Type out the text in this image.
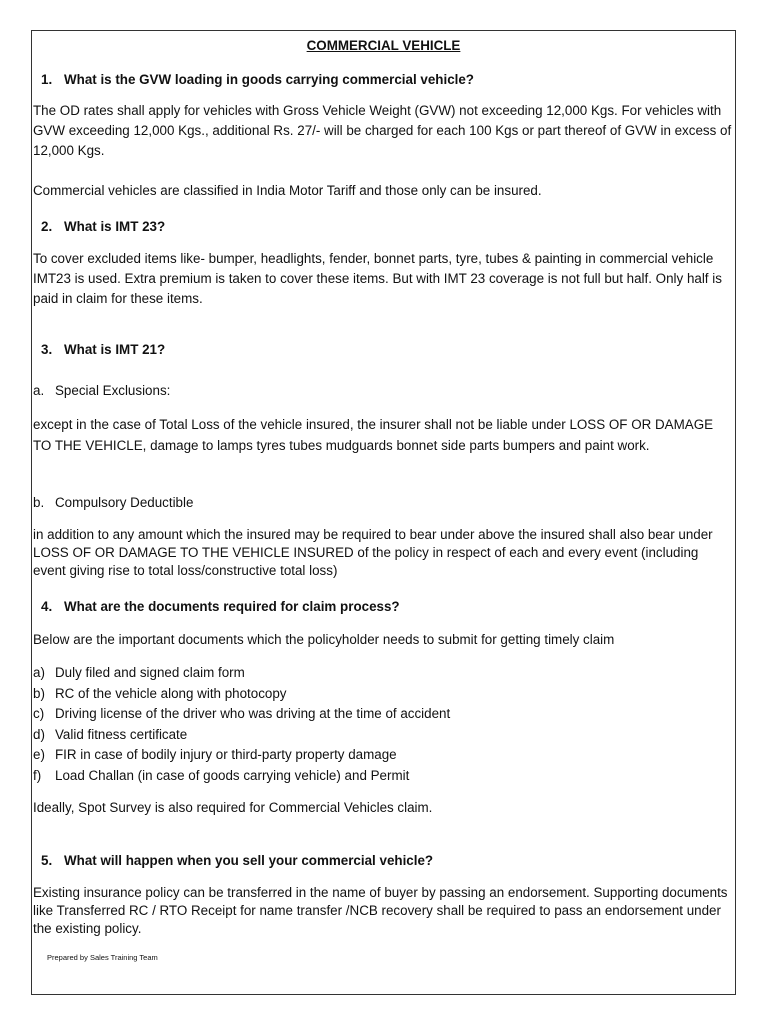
COMMERCIAL VEHICLE

1. What is the GVW loading in goods carrying commercial vehicle?

The OD rates shall apply for vehicles with Gross Vehicle Weight (GVW) not exceeding 12,000 Kgs. For vehicles with GVW exceeding 12,000 Kgs., additional Rs. 27/- will be charged for each 100 Kgs or part thereof of GVW in excess of 12,000 Kgs.

Commercial vehicles are classified in India Motor Tariff and those only can be insured.

2. What is IMT 23?

To cover excluded items like- bumper, headlights, fender, bonnet parts, tyre, tubes & painting in commercial vehicle IMT23 is used. Extra premium is taken to cover these items. But with IMT 23 coverage is not full but half. Only half is paid in claim for these items.

3. What is IMT 21?

a. Special Exclusions:

except in the case of Total Loss of the vehicle insured, the insurer shall not be liable under LOSS OF OR DAMAGE TO THE VEHICLE, damage to lamps tyres tubes mudguards bonnet side parts bumpers and paint work.

b. Compulsory Deductible

in addition to any amount which the insured may be required to bear under above the insured shall also bear under LOSS OF OR DAMAGE TO THE VEHICLE INSURED of the policy in respect of each and every event (including event giving rise to total loss/constructive total loss)

4. What are the documents required for claim process?

Below are the important documents which the policyholder needs to submit for getting timely claim

a) Duly filed and signed claim form
b) RC of the vehicle along with photocopy
c) Driving license of the driver who was driving at the time of accident
d) Valid fitness certificate
e) FIR in case of bodily injury or third-party property damage
f) Load Challan (in case of goods carrying vehicle) and Permit

Ideally, Spot Survey is also required for Commercial Vehicles claim.

5. What will happen when you sell your commercial vehicle?

Existing insurance policy can be transferred in the name of buyer by passing an endorsement. Supporting documents like Transferred RC / RTO Receipt for name transfer /NCB recovery shall be required to pass an endorsement under the existing policy.

Prepared by Sales Training Team
